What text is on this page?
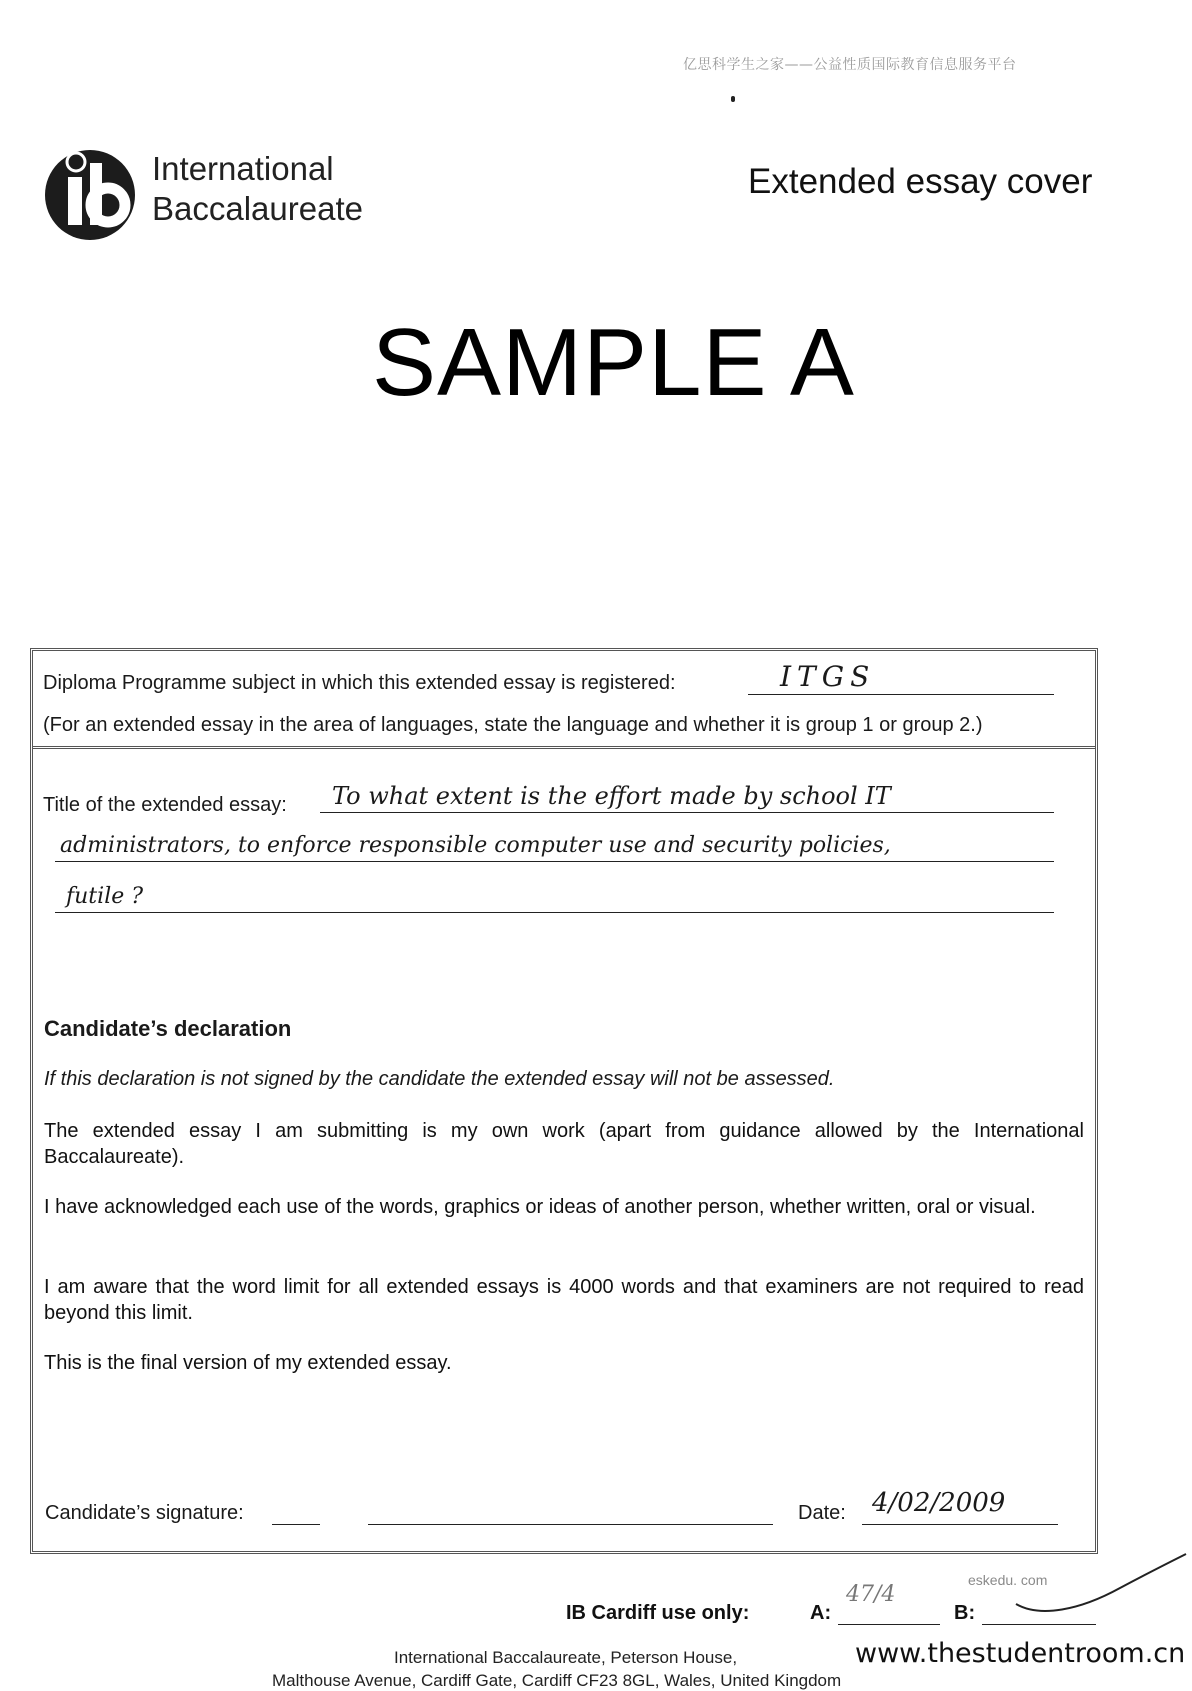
亿思科学生之家——公益性质国际教育信息服务平台
International
Baccalaureate
Extended essay cover
SAMPLE A
Diploma Programme subject in which this extended essay is registered:	ITGS
(For an extended essay in the area of languages, state the language and whether it is group 1 or group 2.)
Title of the extended essay: To what extent is the effort made by school IT
administrators, to enforce responsible computer use and security policies,
futile ?
Candidate’s declaration
If this declaration is not signed by the candidate the extended essay will not be assessed.
The extended essay I am submitting is my own work (apart from guidance allowed by the International Baccalaureate).
I have acknowledged each use of the words, graphics or ideas of another person, whether written, oral or visual.
I am aware that the word limit for all extended essays is 4000 words and that examiners are not required to read beyond this limit.
This is the final version of my extended essay.
Candidate’s signature:	Date: 4/02/2009
IB Cardiff use only:	A:
47/4
B:
eskedu. com
International Baccalaureate, Peterson House,
Malthouse Avenue, Cardiff Gate, Cardiff CF23 8GL, Wales, United Kingdom
www.thestudentroom.cn
